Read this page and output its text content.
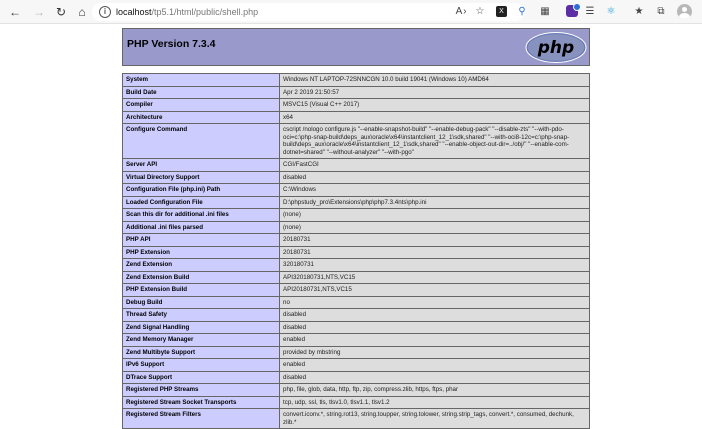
← → ↻	⌂	i	localhost/tp5.1/html/public/shell.php	A › ☆	X	⚲	▦	☰ ⚛ ★	⧉
PHP Version 7.3.4	php
System	Windows NT LAPTOP-72SNNCGN 10.0 build 19041 (Windows 10) AMD64
Build Date	Apr 2 2019 21:50:57
Compiler	MSVC15 (Visual C++ 2017)
Architecture	x64
Configure Command	cscript /nologo configure.js "--enable-snapshot-build" "--enable-debug-pack" "--disable-zts" "--with-pdo-oci=c:\php-snap-build\deps_aux\oracle\x64\instantclient_12_1\sdk,shared" "--with-oci8-12c=c:\php-snap-build\deps_aux\oracle\x64\instantclient_12_1\sdk,shared" "--enable-object-out-dir=../obj/" "--enable-com-dotnet=shared" "--without-analyzer" "--with-pgo"
Server API	CGI/FastCGI
Virtual Directory Support	disabled
Configuration File (php.ini) Path	C:\Windows
Loaded Configuration File	D:\phpstudy_pro\Extensions\php\php7.3.4nts\php.ini
Scan this dir for additional .ini files	(none)
Additional .ini files parsed	(none)
PHP API	20180731
PHP Extension	20180731
Zend Extension	320180731
Zend Extension Build	API320180731,NTS,VC15
PHP Extension Build	API20180731,NTS,VC15
Debug Build	no
Thread Safety	disabled
Zend Signal Handling	disabled
Zend Memory Manager	enabled
Zend Multibyte Support	provided by mbstring
IPv6 Support	enabled
DTrace Support	disabled
Registered PHP Streams	php, file, glob, data, http, ftp, zip, compress.zlib, https, ftps, phar
Registered Stream Socket Transports	tcp, udp, ssl, tls, tlsv1.0, tlsv1.1, tlsv1.2
Registered Stream Filters	convert.iconv.*, string.rot13, string.toupper, string.tolower, string.strip_tags, convert.*, consumed, dechunk, zlib.*
